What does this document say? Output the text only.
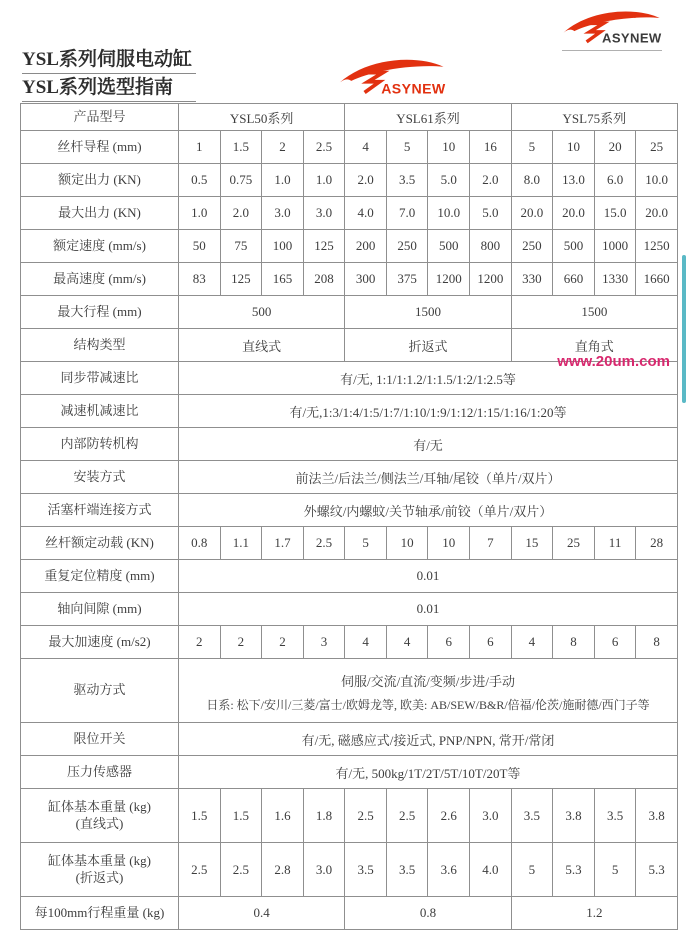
ASYNEW
YSL系列伺服电动缸
YSL系列选型指南	ASYNEW
产品型号	YSL50系列				YSL61系列				YSL75系列			

丝杆导程 (mm)	1	1.5	2	2.5	4	5	10	16	5	10	20	25

额定出力 (KN)	0.5	0.75	1.0	1.0	2.0	3.5	5.0	2.0	8.0	13.0	6.0	10.0

最大出力 (KN)	1.0	2.0	3.0	3.0	4.0	7.0	10.0	5.0	20.0	20.0	15.0	20.0

额定速度 (mm/s)	50	75	100	125	200	250	500	800	250	500	1000	1250

最高速度 (mm/s)	83	125	165	208	300	375	1200	1200	330	660	1330	1660

最大行程 (mm)	500				1500				1500			

结构类型	直线式				折返式				直角式			

同步带减速比	有/无, 1:1/1:1.2/1:1.5/1:2/1:2.5等											

减速机减速比	有/无,1:3/1:4/1:5/1:7/1:10/1:9/1:12/1:15/1:16/1:20等											

内部防转机构	有/无											

安装方式	前法兰/后法兰/侧法兰/耳轴/尾铰（单片/双片）											

活塞杆端连接方式	外螺纹/内螺蚊/关节轴承/前铰（单片/双片）											

丝杆额定动载 (KN)	0.8	1.1	1.7	2.5	5	10	10	7	15	25	11	28

重复定位精度 (mm)	0.01											

轴向间隙 (mm)	0.01											

最大加速度 (m/s2)	2	2	2	3	4	4	6	6	4	8	6	8

驱动方式	伺服/交流/直流/变频/步进/手动
日系: 松下/安川/三菱/富士/欧姆龙等, 欧美: AB/SEW/B&R/倍福/伦茨/施耐德/西门子等											

限位开关	有/无, 磁感应式/接近式, PNP/NPN, 常开/常闭											

压力传感器	有/无, 500kg/1T/2T/5T/10T/20T等											

缸体基本重量 (kg)
(直线式)	1.5	1.5	1.6	1.8	2.5	2.5	2.6	3.0	3.5	3.8	3.5	3.8

缸体基本重量 (kg)
(折返式)	2.5	2.5	2.8	3.0	3.5	3.5	3.6	4.0	5	5.3	5	5.3

每100mm行程重量 (kg)	0.4				0.8				1.2			
www.20um.com
